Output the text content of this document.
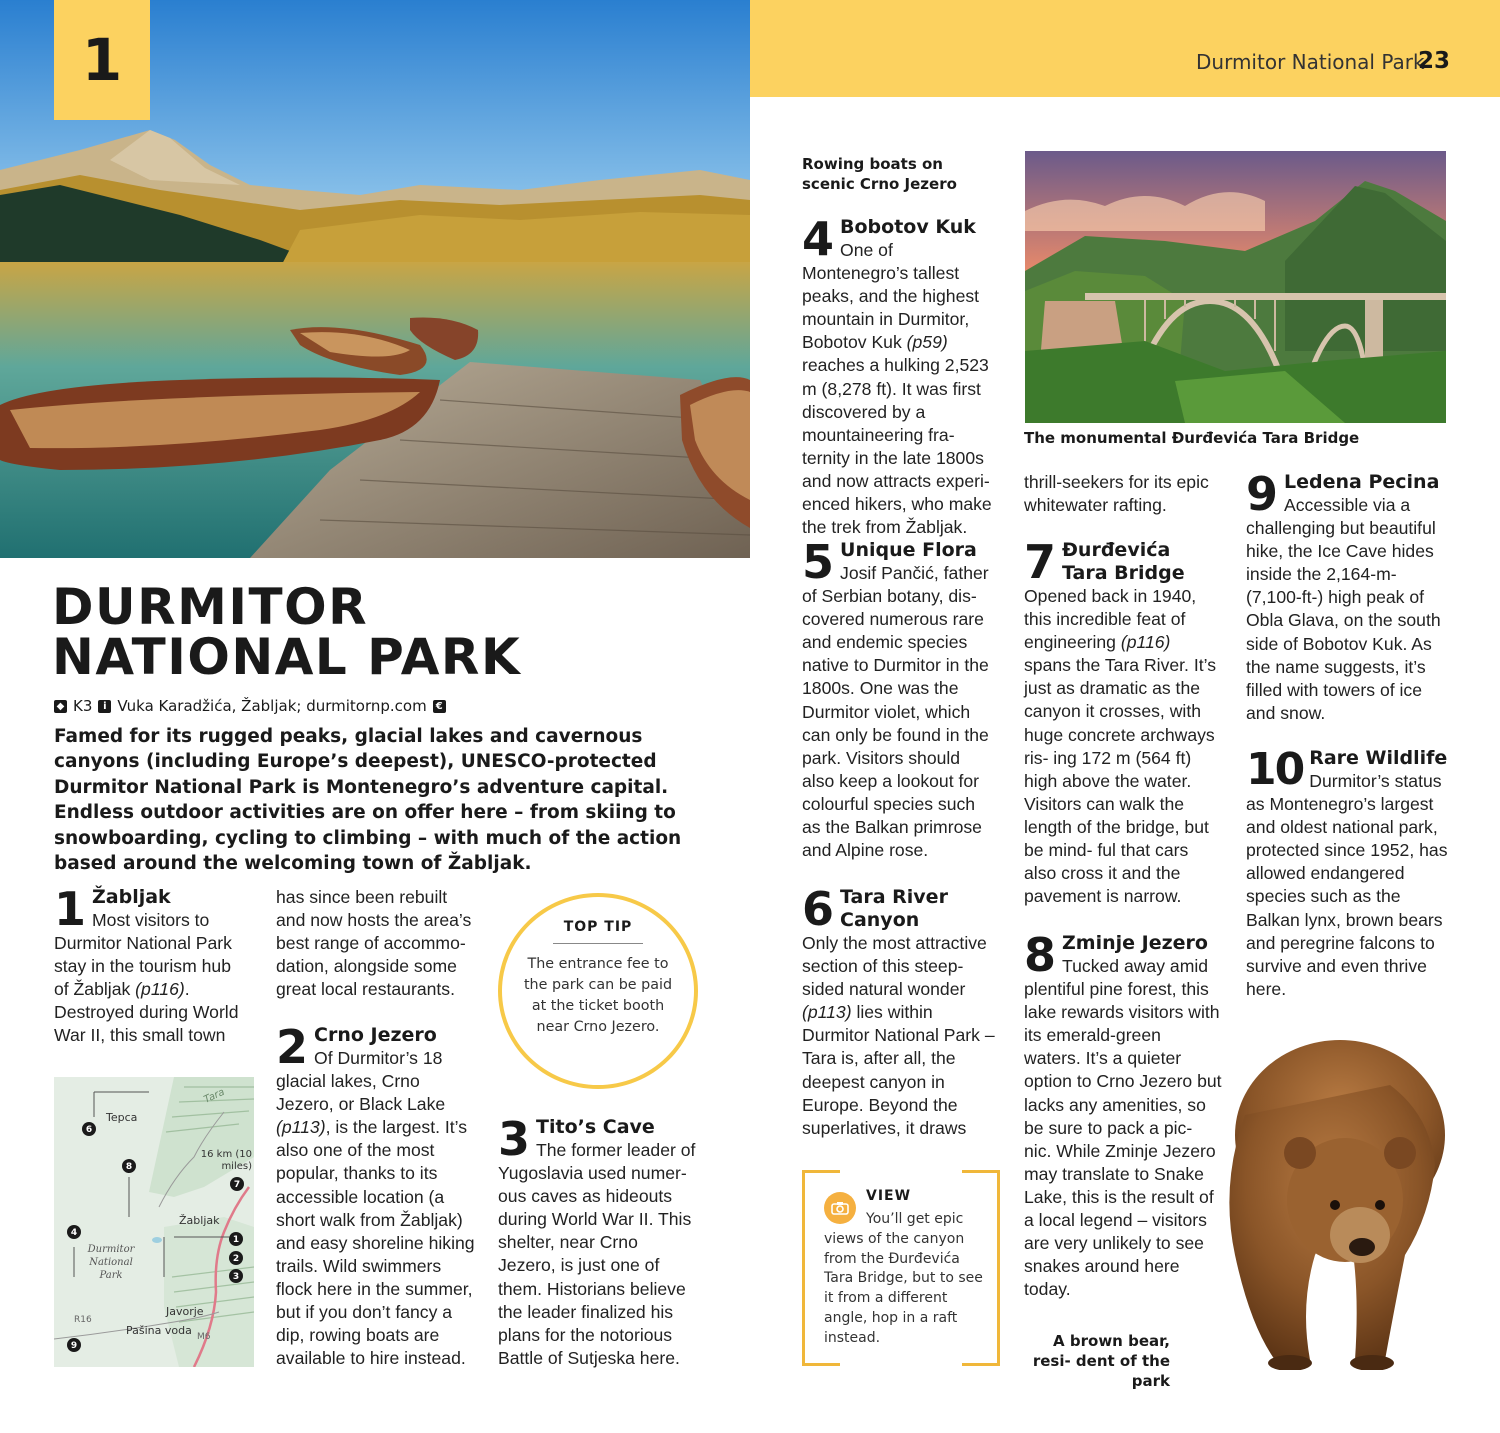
1	Durmitor National Park
23
DURMITOR
NATIONAL PARK
◆ K3	i Vuka Karadžića, Žabljak; durmitornp.com €

Famed for its rugged peaks, glacial lakes and cavernous canyons (including Europe’s deepest), UNESCO-protected Durmitor National Park is Montenegro’s adventure capital. Endless outdoor activities are on offer here – from skiing to snowboarding, cycling to climbing – with much of the action based around the welcoming town of Žabljak.

1 Žabljak
Most visitors to Durmitor National Park stay in the tourism hub of Žabljak (p116). Destroyed during World War II, this small town
Tepca
Tara
16 km (10 miles)
Žabljak
Durmitor National Park
Javorje
Pašina voda
R16
M6
6
8
7
4
1
2
3
9

has since been rebuilt and now hosts the area’s best range of accommo- dation, alongside some great local restaurants.

2 Crno Jezero
Of Durmitor’s 18 glacial lakes, Crno Jezero, or Black Lake (p113), is the largest. It’s also one of the most popular, thanks to its accessible location (a short walk from Žabljak) and easy shoreline hiking trails. Wild swimmers flock here in the summer, but if you don’t fancy a dip, rowing boats are available to hire instead.
TOP TIP
The entrance fee to the park can be paid at the ticket booth near Crno Jezero.
3 Tito’s Cave
The former leader of Yugoslavia used numer- ous caves as hideouts during World War II. This shelter, near Crno Jezero, is just one of them. Historians believe the leader finalized his plans for the notorious Battle of Sutjeska here.
Rowing boats on scenic Crno Jezero
4 Bobotov Kuk
One of Montenegro’s tallest peaks, and the highest mountain in Durmitor, Bobotov Kuk (p59) reaches a hulking 2,523 m (8,278 ft). It was first discovered by a mountaineering fra- ternity in the late 1800s and now attracts experi- enced hikers, who make the trek from Žabljak.
5 Unique Flora
Josif Pančić, father of Serbian botany, dis- covered numerous rare and endemic species native to Durmitor in the 1800s. One was the Durmitor violet, which can only be found in the park. Visitors should also keep a lookout for colourful species such as the Balkan primrose and Alpine rose.
6 Tara River Canyon
Only the most attractive section of this steep- sided natural wonder (p113) lies within Durmitor National Park – Tara is, after all, the deepest canyon in Europe. Beyond the superlatives, it draws
VIEW
You’ll get epic views of the canyon from the Đurđevića Tara Bridge, but to see it from a different angle, hop in a raft instead.
The monumental Đurđevića Tara Bridge

thrill-seekers for its epic whitewater rafting.

7 Đurđevića Tara Bridge
Opened back in 1940, this incredible feat of engineering (p116) spans the Tara River. It’s just as dramatic as the canyon it crosses, with huge concrete archways ris- ing 172 m (564 ft) high above the water. Visitors can walk the length of the bridge, but be mind- ful that cars also cross it and the pavement is narrow.
8 Zminje Jezero
Tucked away amid plentiful pine forest, this lake rewards visitors with its emerald-green waters. It’s a quieter option to Crno Jezero but lacks any amenities, so be sure to pack a pic- nic. While Zminje Jezero may translate to Snake Lake, this is the result of a local legend – visitors are very unlikely to see snakes around here today.
9 Ledena Pecina
Accessible via a challenging but beautiful hike, the Ice Cave hides inside the 2,164-m- (7,100-ft-) high peak of Obla Glava, on the south side of Bobotov Kuk. As the name suggests, it’s filled with towers of ice and snow.
10 Rare Wildlife
Durmitor’s status as Montenegro’s largest and oldest national park, protected since 1952, has allowed endangered species such as the Balkan lynx, brown bears and peregrine falcons to survive and even thrive here.
A brown bear, resi- dent of the park
